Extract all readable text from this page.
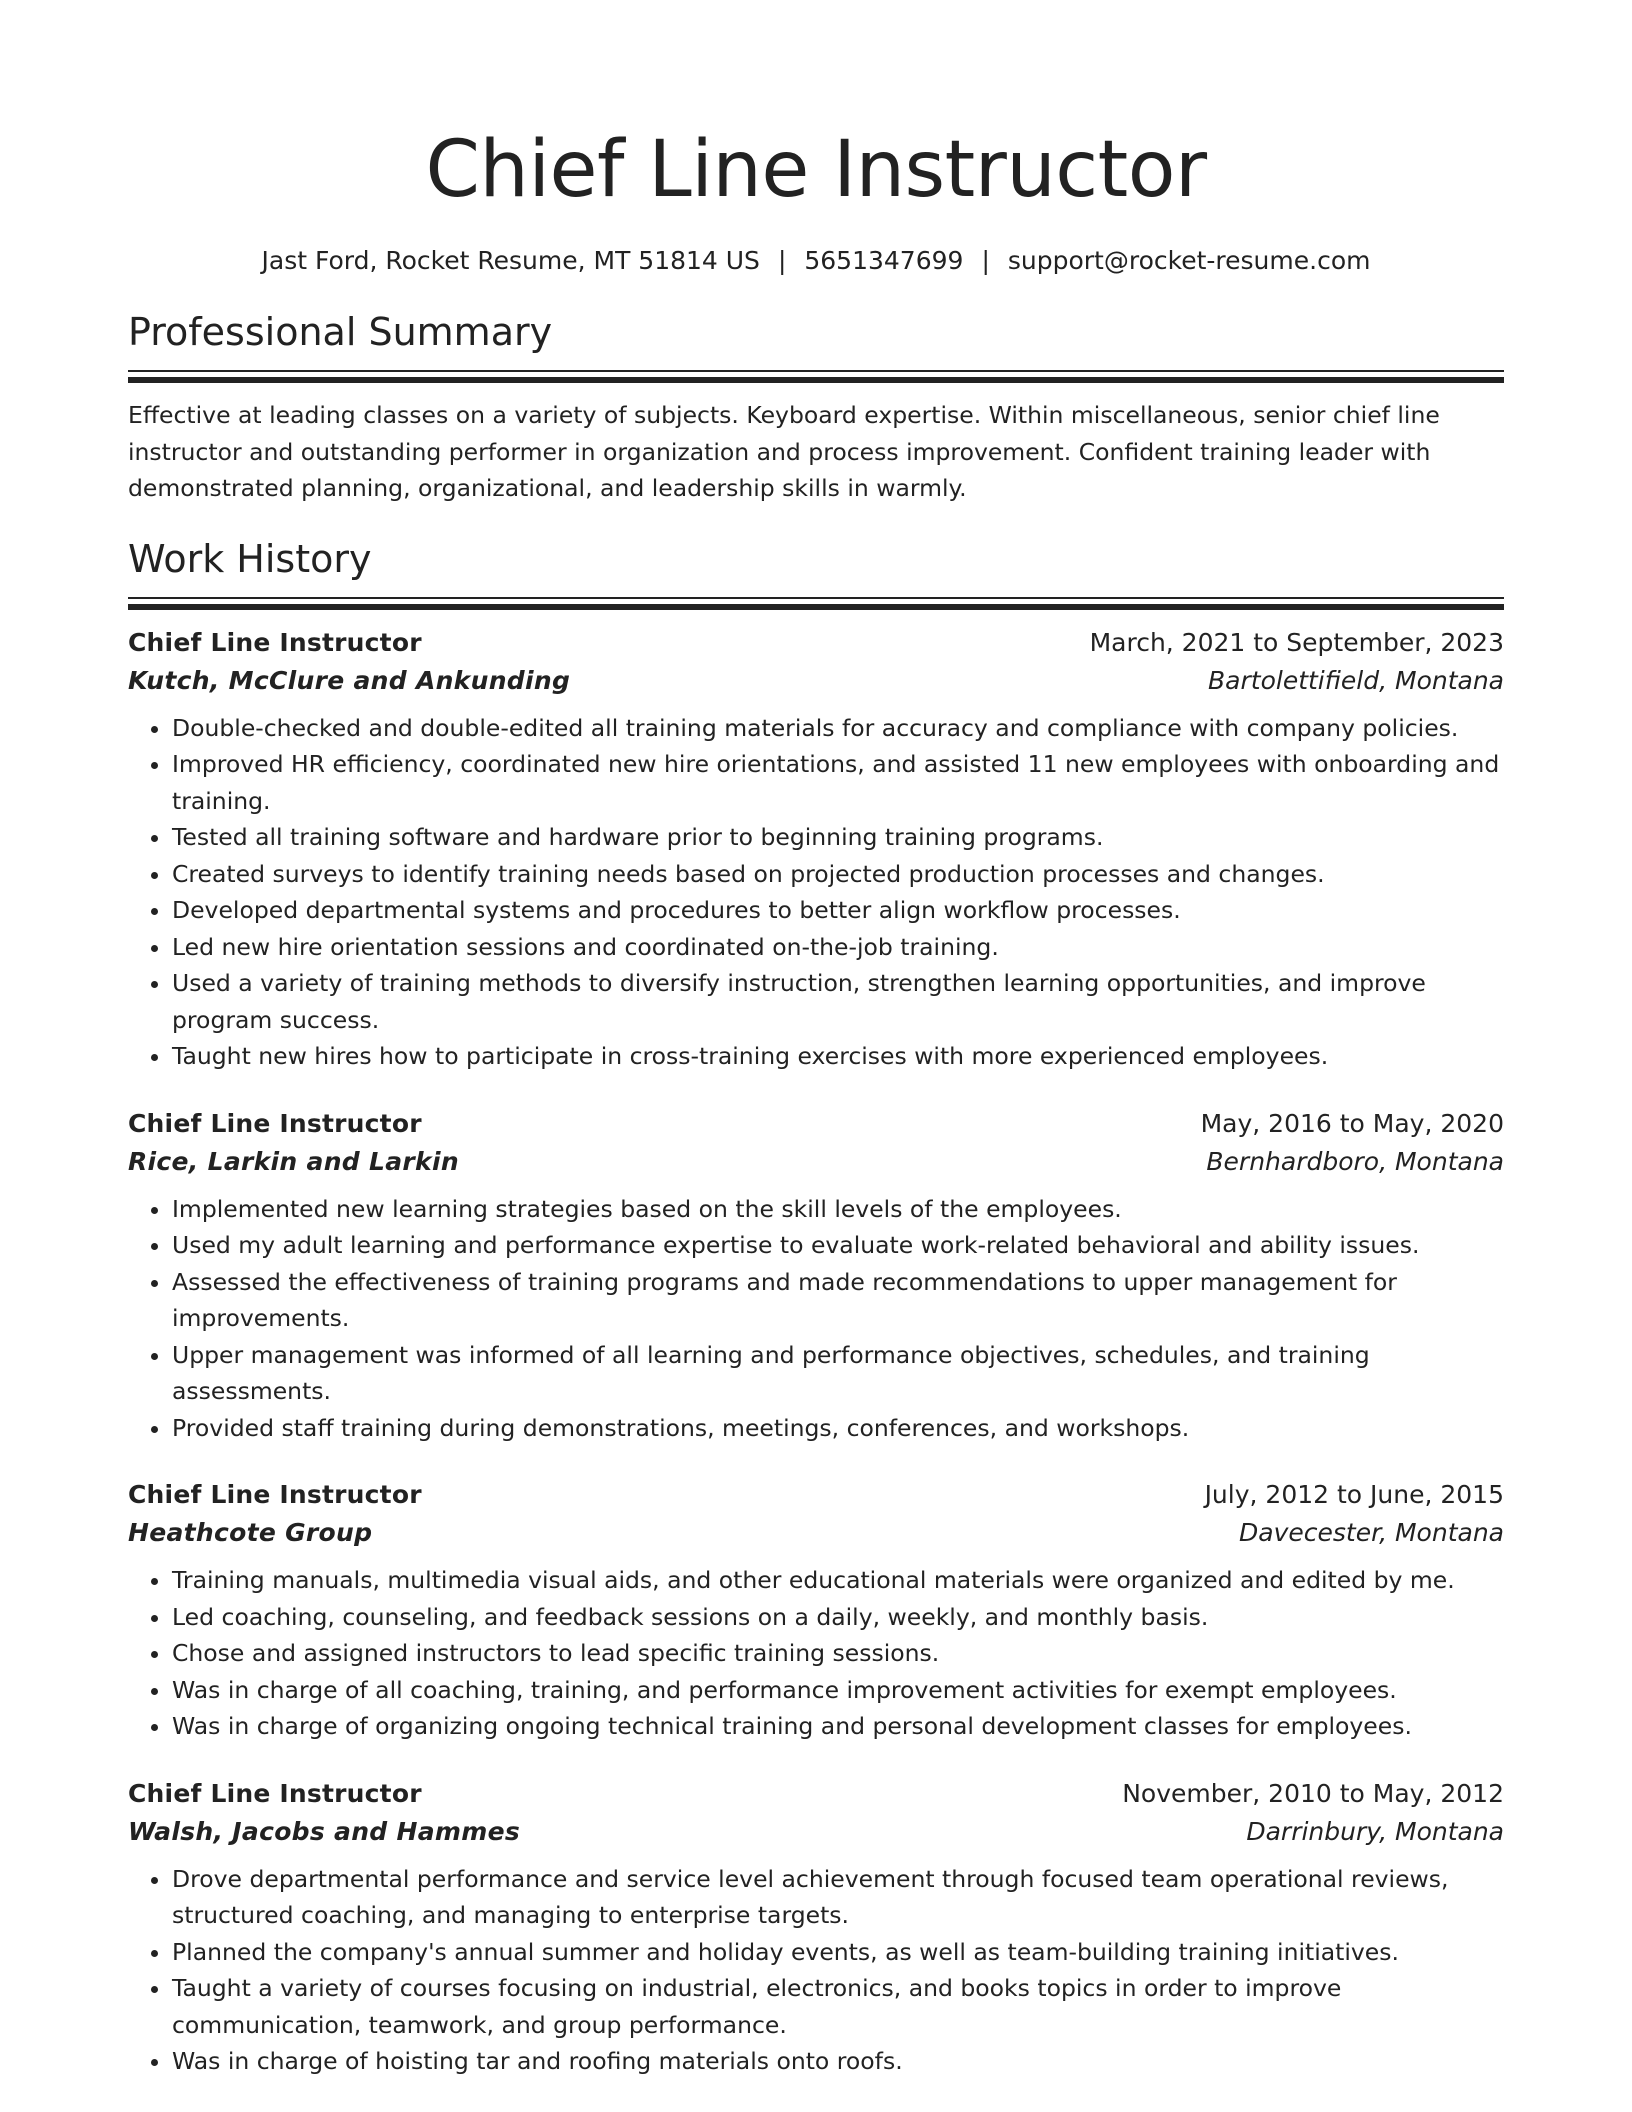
Chief Line Instructor
Jast Ford, Rocket Resume, MT 51814 US | 5651347699 | support@rocket-resume.com
Professional Summary

Effective at leading classes on a variety of subjects. Keyboard expertise. Within miscellaneous, senior chief line instructor and outstanding performer in organization and process improvement. Confident training leader with demonstrated planning, organizational, and leadership skills in warmly.

Work History
Chief Line Instructor	March, 2021 to September, 2023
Kutch, McClure and Ankunding	Bartolettifield, Montana
• Double-checked and double-edited all training materials for accuracy and compliance with company policies.
• Improved HR efficiency, coordinated new hire orientations, and assisted 11 new employees with onboarding and training.
• Tested all training software and hardware prior to beginning training programs.
• Created surveys to identify training needs based on projected production processes and changes.
• Developed departmental systems and procedures to better align workflow processes.
• Led new hire orientation sessions and coordinated on-the-job training.
• Used a variety of training methods to diversify instruction, strengthen learning opportunities, and improve program success.
• Taught new hires how to participate in cross-training exercises with more experienced employees.
Chief Line Instructor	May, 2016 to May, 2020
Rice, Larkin and Larkin	Bernhardboro, Montana
• Implemented new learning strategies based on the skill levels of the employees.
• Used my adult learning and performance expertise to evaluate work-related behavioral and ability issues.
• Assessed the effectiveness of training programs and made recommendations to upper management for improvements.
• Upper management was informed of all learning and performance objectives, schedules, and training assessments.
• Provided staff training during demonstrations, meetings, conferences, and workshops.
Chief Line Instructor	July, 2012 to June, 2015
Heathcote Group	Davecester, Montana
• Training manuals, multimedia visual aids, and other educational materials were organized and edited by me.
• Led coaching, counseling, and feedback sessions on a daily, weekly, and monthly basis.
• Chose and assigned instructors to lead specific training sessions.
• Was in charge of all coaching, training, and performance improvement activities for exempt employees.
• Was in charge of organizing ongoing technical training and personal development classes for employees.
Chief Line Instructor	November, 2010 to May, 2012
Walsh, Jacobs and Hammes	Darrinbury, Montana
• Drove departmental performance and service level achievement through focused team operational reviews, structured coaching, and managing to enterprise targets.
• Planned the company's annual summer and holiday events, as well as team-building training initiatives.
• Taught a variety of courses focusing on industrial, electronics, and books topics in order to improve communication, teamwork, and group performance.
• Was in charge of hoisting tar and roofing materials onto roofs.
